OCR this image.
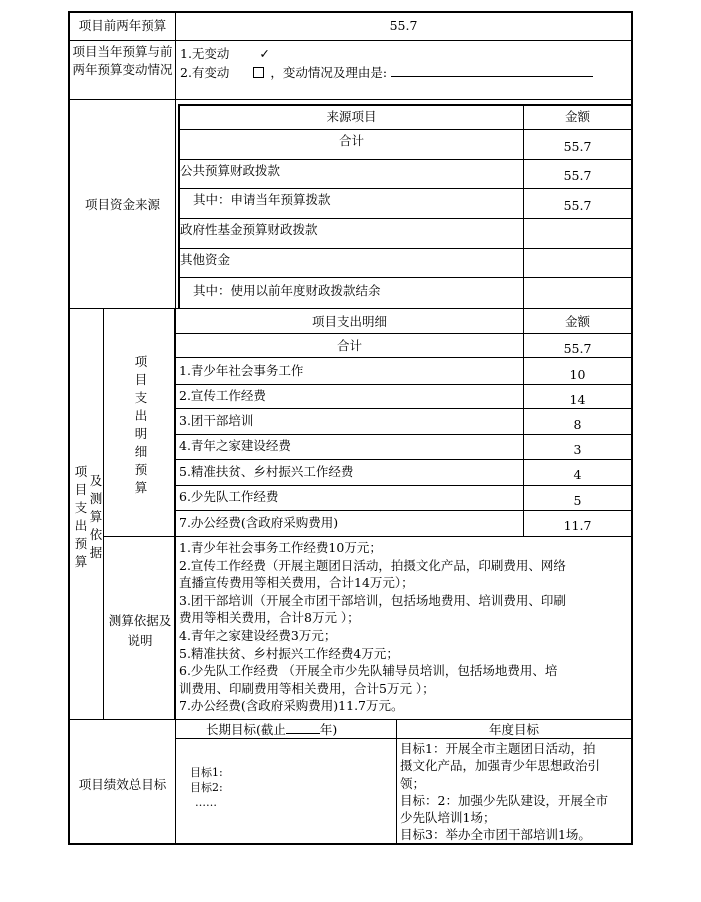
项目前两年预算	55.7
项目当年预算与前两年预算变动情况
1.无变动 ✓
2.有变动	，变动情况及理由是:
项目资金来源
来源项目	金额
合计	55.7
公共预算财政拨款	55.7
其中：申请当年预算拨款	55.7
政府性基金预算财政拨款
其他资金
其中：使用以前年度财政拨款结余
项目支出预算
及测算依据
项目支出明细预算
项目支出明细	金额
合计	55.7
1.青少年社会事务工作	10
2.宣传工作经费	14
3.团干部培训	8
4.青年之家建设经费	3
5.精准扶贫、乡村振兴工作经费	4
6.少先队工作经费	5
7.办公经费(含政府采购费用)	11.7
测算依据及说明
1.青少年社会事务工作经费10万元；
2.宣传工作经费（开展主题团日活动，拍摄文化产品，印刷费用、网络
直播宣传费用等相关费用，合计14万元）；
3.团干部培训（开展全市团干部培训，包括场地费用、培训费用、印刷
费用等相关费用，合计8万元 ）；
4.青年之家建设经费3万元；
5.精准扶贫、乡村振兴工作经费4万元；
6.少先队工作经费 （开展全市少先队辅导员培训，包括场地费用、培
训费用、印刷费用等相关费用，合计5万元 ）；
7.办公经费(含政府采购费用)11.7万元。
项目绩效总目标
长期目标(截止	年)	年度目标
目标1:
目标2:
……
目标1：开展全市主题团日活动，拍
摄文化产品，加强青少年思想政治引
领；
目标：2：加强少先队建设，开展全市
少先队培训1场；
目标3：举办全市团干部培训1场。
